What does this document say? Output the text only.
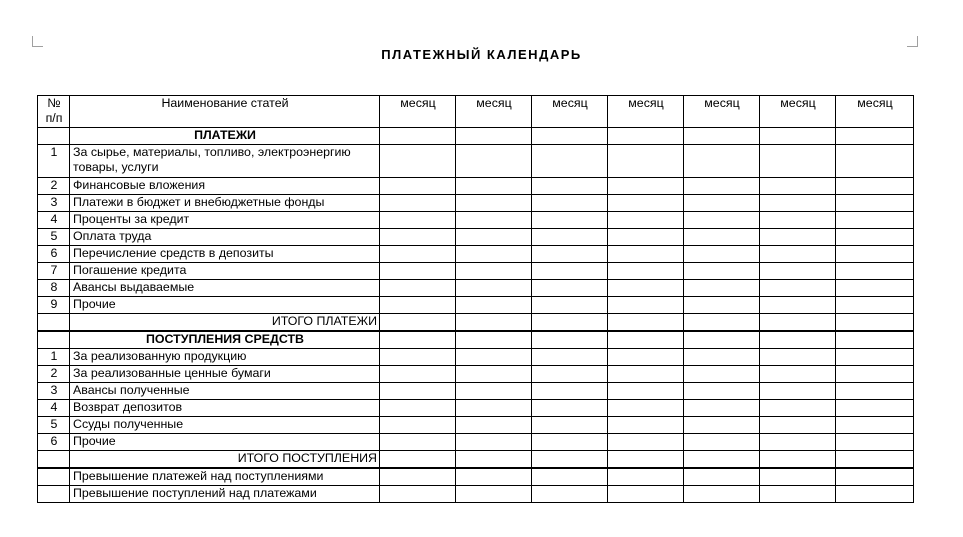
ПЛАТЕЖНЫЙ КАЛЕНДАРЬ
№ п/п	Наименование статей	месяц	месяц	месяц	месяц	месяц	месяц	месяц
	ПЛАТЕЖИ							
1	За сырье, материалы, топливо, электроэнергию товары, услуги							
2	Финансовые вложения							
3	Платежи в бюджет и внебюджетные фонды							
4	Проценты за кредит							
5	Оплата труда							
6	Перечисление средств в депозиты							
7	Погашение кредита							
8	Авансы выдаваемые							
9	Прочие							
	ИТОГО ПЛАТЕЖИ							
	ПОСТУПЛЕНИЯ СРЕДСТВ							
1	За реализованную продукцию							
2	За реализованные ценные бумаги							
3	Авансы полученные							
4	Возврат депозитов							
5	Ссуды полученные							
6	Прочие							
	ИТОГО ПОСТУПЛЕНИЯ							
	Превышение платежей над поступлениями							
	Превышение поступлений над платежами							
